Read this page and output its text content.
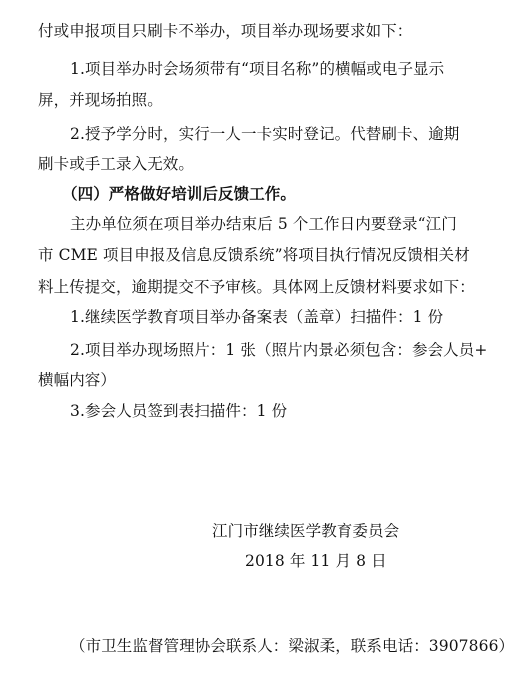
付或申报项目只刷卡不举办，项目举办现场要求如下：
1.项目举办时会场须带有“项目名称”的横幅或电子显示
屏，并现场拍照。
2.授予学分时，实行一人一卡实时登记。代替刷卡、逾期
刷卡或手工录入无效。
（四）严格做好培训后反馈工作。
主办单位须在项目举办结束后 5 个工作日内要登录“江门
市 CME 项目申报及信息反馈系统”将项目执行情况反馈相关材
料上传提交，逾期提交不予审核。具体网上反馈材料要求如下：
1.继续医学教育项目举办备案表（盖章）扫描件：1 份
2.项目举办现场照片：1 张（照片内景必须包含：参会人员+
横幅内容）
3.参会人员签到表扫描件：1 份
江门市继续医学教育委员会
2018 年 11 月 8 日
（市卫生监督管理协会联系人：梁淑柔，联系电话：3907866）
